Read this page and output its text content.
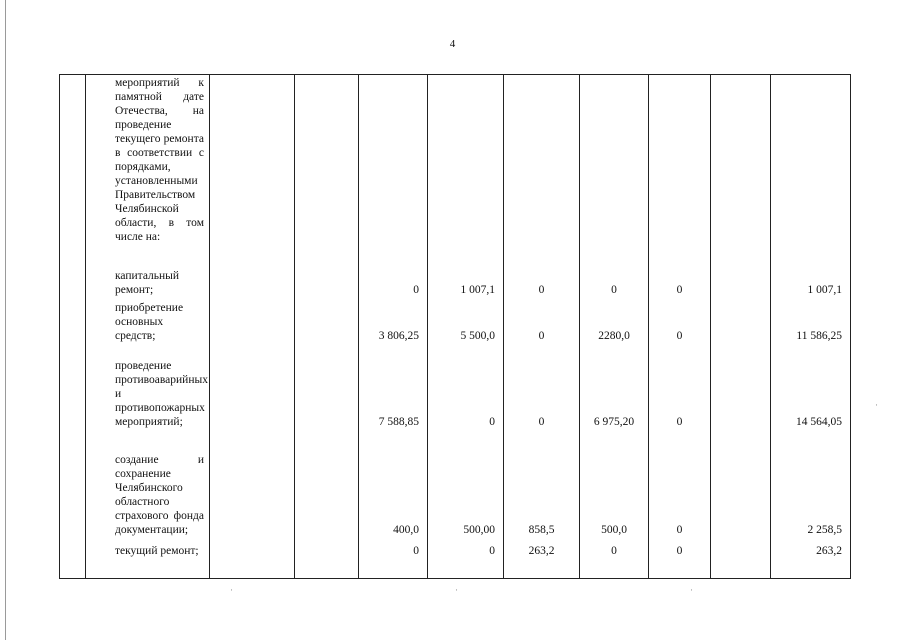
4
	мероприятий к памятной дате Отечества, на проведение текущего ремонта в соответствии с порядками, установленными Правительством Челябинской области, в том числе на:									
	капитальный ремонт;			0	1 007,1	0	0	0		1 007,1
	приобретение основных средств;			3 806,25	5 500,0	0	2280,0	0		11 586,25
	проведение противоаварийных и противопожарных мероприятий;			7 588,85	0	0	6 975,20	0		14 564,05
	создание и сохранение Челябинского областного страхового фонда документации;			400,0	500,00	858,5	500,0	0		2 258,5
	текущий ремонт;			0	0	263,2	0	0		263,2
·	·	·
·
